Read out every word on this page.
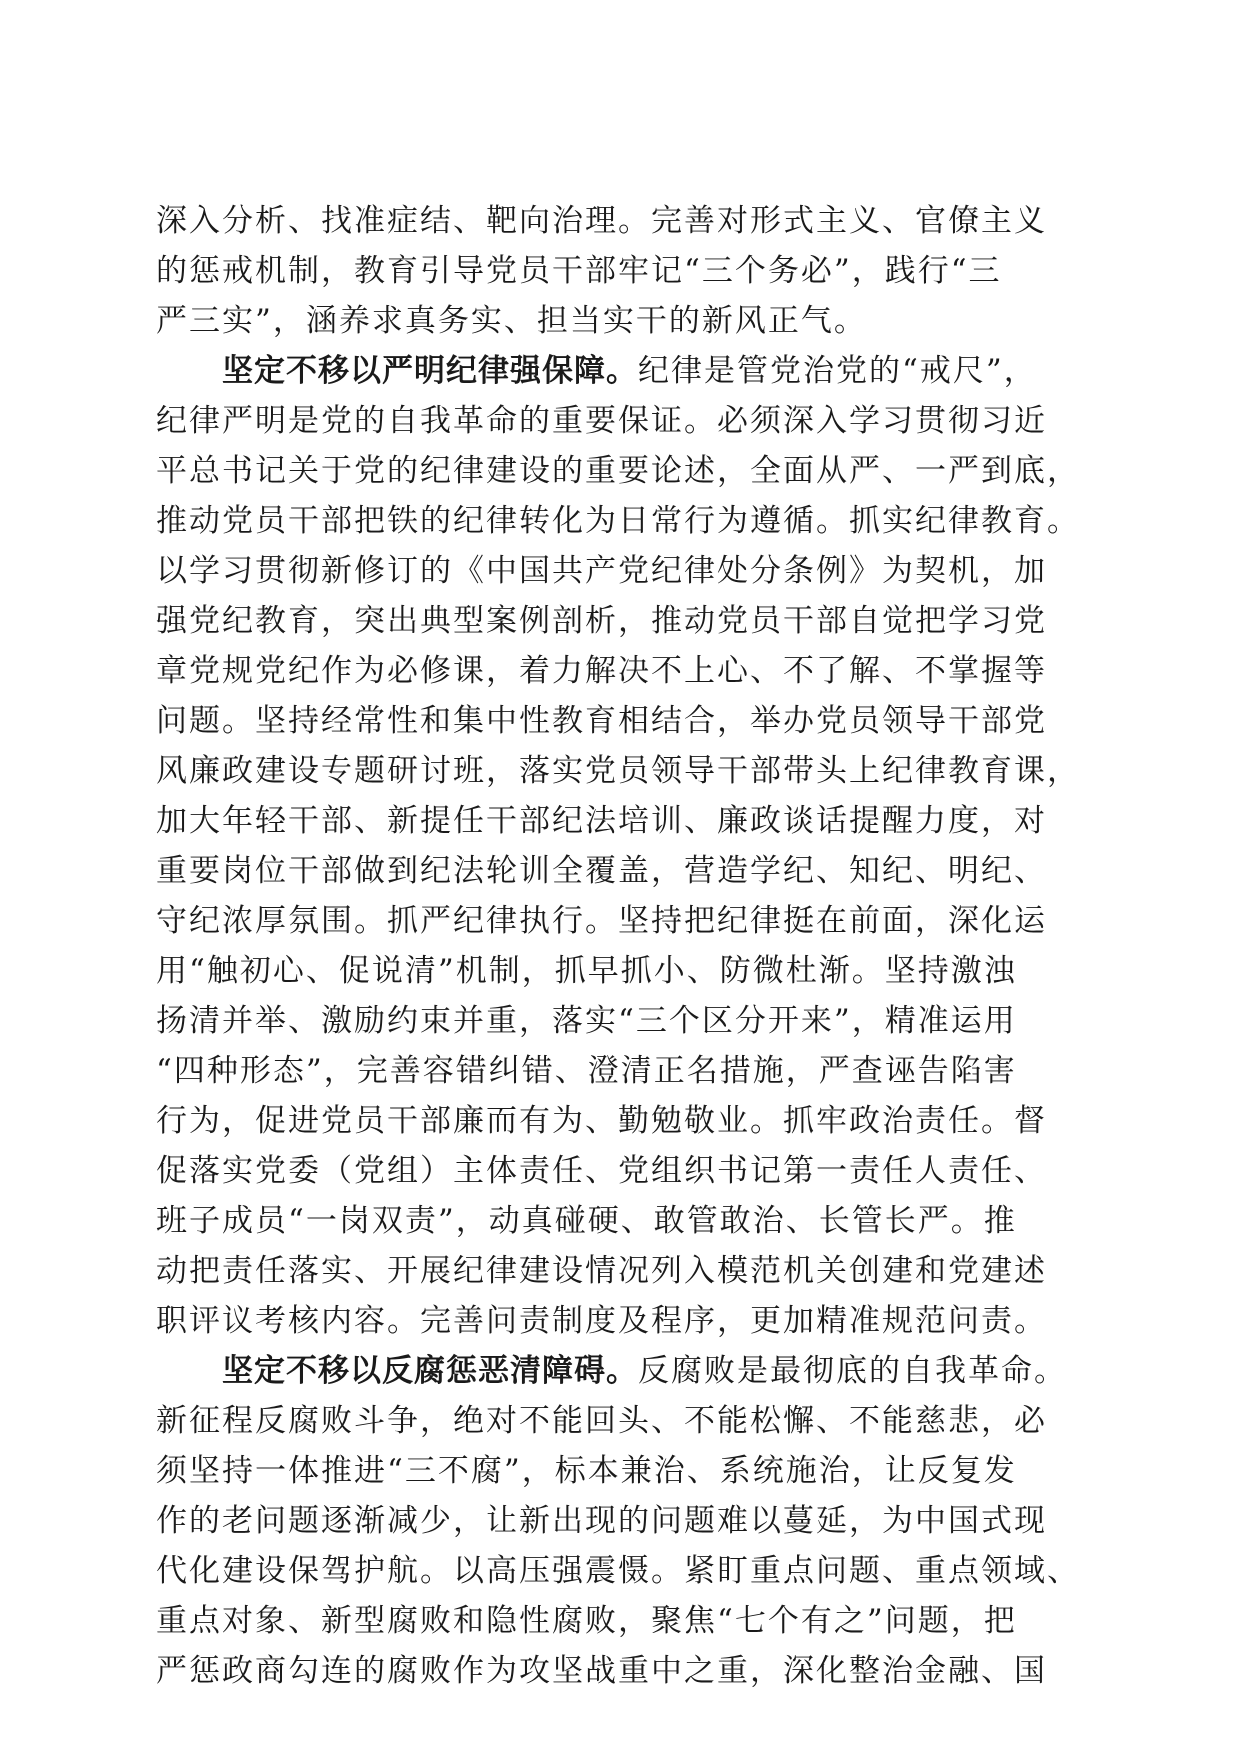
深入分析、找准症结、靶向治理。完善对形式主义、官僚主义
的惩戒机制，教育引导党员干部牢记“三个务必”，践行“三
严三实”，涵养求真务实、担当实干的新风正气。
坚定不移以严明纪律强保障。纪律是管党治党的“戒尺”，
纪律严明是党的自我革命的重要保证。必须深入学习贯彻习近
平总书记关于党的纪律建设的重要论述，全面从严、一严到底，
推动党员干部把铁的纪律转化为日常行为遵循。抓实纪律教育。
以学习贯彻新修订的《中国共产党纪律处分条例》为契机，加
强党纪教育，突出典型案例剖析，推动党员干部自觉把学习党
章党规党纪作为必修课，着力解决不上心、不了解、不掌握等
问题。坚持经常性和集中性教育相结合，举办党员领导干部党
风廉政建设专题研讨班，落实党员领导干部带头上纪律教育课，
加大年轻干部、新提任干部纪法培训、廉政谈话提醒力度，对
重要岗位干部做到纪法轮训全覆盖，营造学纪、知纪、明纪、
守纪浓厚氛围。抓严纪律执行。坚持把纪律挺在前面，深化运
用“触初心、促说清”机制，抓早抓小、防微杜渐。坚持激浊
扬清并举、激励约束并重，落实“三个区分开来”，精准运用
“四种形态”，完善容错纠错、澄清正名措施，严查诬告陷害
行为，促进党员干部廉而有为、勤勉敬业。抓牢政治责任。督
促落实党委（党组）主体责任、党组织书记第一责任人责任、
班子成员“一岗双责”，动真碰硬、敢管敢治、长管长严。推
动把责任落实、开展纪律建设情况列入模范机关创建和党建述
职评议考核内容。完善问责制度及程序，更加精准规范问责。
坚定不移以反腐惩恶清障碍。反腐败是最彻底的自我革命。
新征程反腐败斗争，绝对不能回头、不能松懈、不能慈悲，必
须坚持一体推进“三不腐”，标本兼治、系统施治，让反复发
作的老问题逐渐减少，让新出现的问题难以蔓延，为中国式现
代化建设保驾护航。以高压强震慑。紧盯重点问题、重点领域、
重点对象、新型腐败和隐性腐败，聚焦“七个有之”问题，把
严惩政商勾连的腐败作为攻坚战重中之重，深化整治金融、国
